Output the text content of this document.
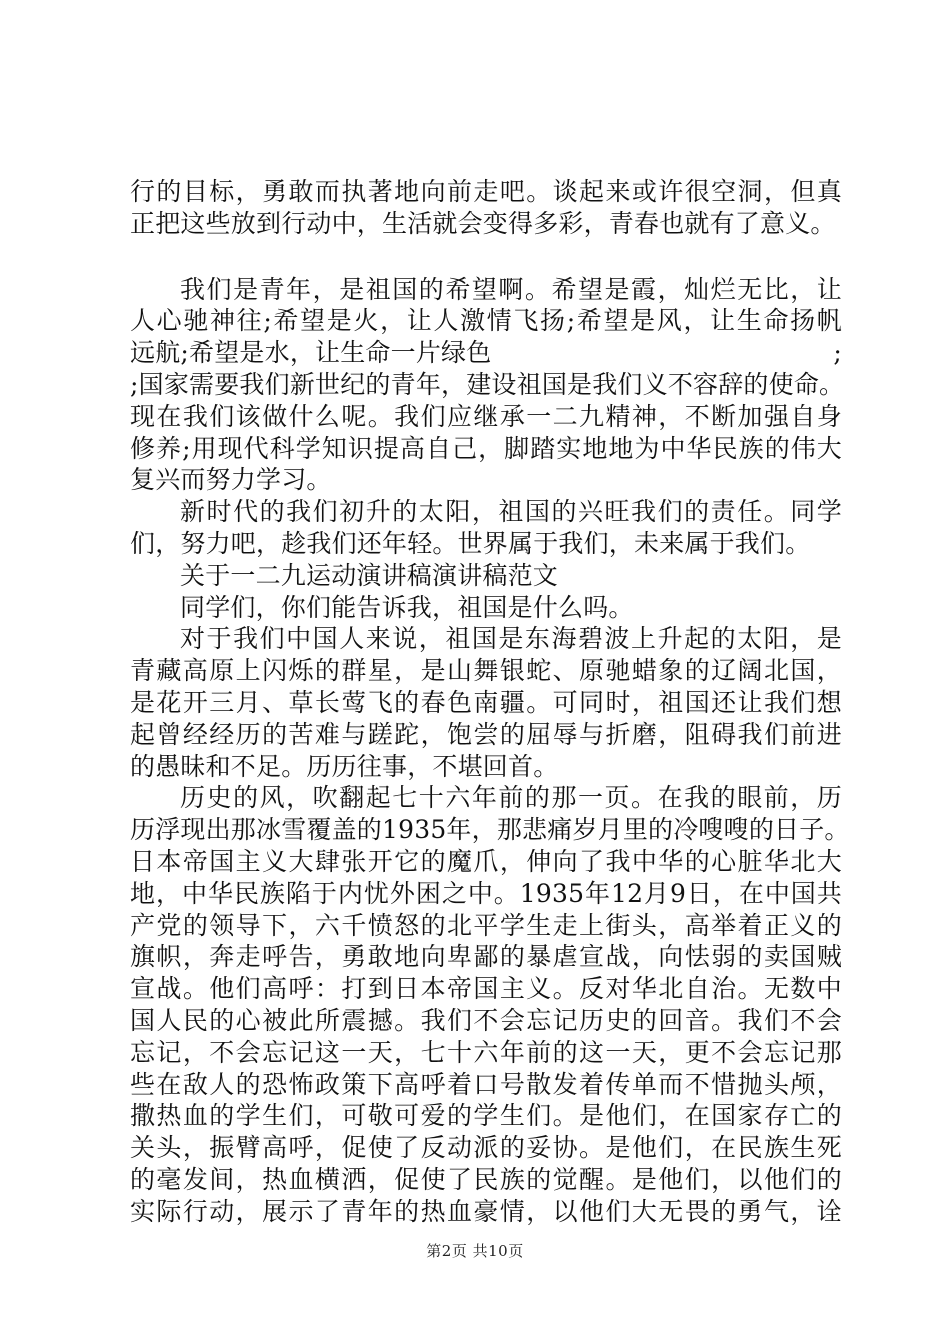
行的目标，勇敢而执著地向前走吧。谈起来或许很空洞，但真
正把这些放到行动中，生活就会变得多彩，青春也就有了意义。
我们是青年，是祖国的希望啊。希望是霞，灿烂无比，让
人心驰神往;希望是火，让人激情飞扬;希望是风，让生命扬帆
远航;希望是水，让生命一片绿色	;
;国家需要我们新世纪的青年，建设祖国是我们义不容辞的使命。
现在我们该做什么呢。我们应继承一二九精神，不断加强自身
修养;用现代科学知识提高自己，脚踏实地地为中华民族的伟大
复兴而努力学习。
新时代的我们初升的太阳，祖国的兴旺我们的责任。同学
们，努力吧，趁我们还年轻。世界属于我们，未来属于我们。
关于一二九运动演讲稿演讲稿范文
同学们，你们能告诉我，祖国是什么吗。
对于我们中国人来说，祖国是东海碧波上升起的太阳，是
青藏高原上闪烁的群星，是山舞银蛇、原驰蜡象的辽阔北国，
是花开三月、草长莺飞的春色南疆。可同时，祖国还让我们想
起曾经经历的苦难与蹉跎，饱尝的屈辱与折磨，阻碍我们前进
的愚昧和不足。历历往事，不堪回首。
历史的风，吹翻起七十六年前的那一页。在我的眼前，历
历浮现出那冰雪覆盖的1935年，那悲痛岁月里的冷嗖嗖的日子。
日本帝国主义大肆张开它的魔爪，伸向了我中华的心脏华北大
地，中华民族陷于内忧外困之中。1935年12月9日，在中国共
产党的领导下，六千愤怒的北平学生走上街头，高举着正义的
旗帜，奔走呼告，勇敢地向卑鄙的暴虐宣战，向怯弱的卖国贼
宣战。他们高呼：打到日本帝国主义。反对华北自治。无数中
国人民的心被此所震撼。我们不会忘记历史的回音。我们不会
忘记，不会忘记这一天，七十六年前的这一天，更不会忘记那
些在敌人的恐怖政策下高呼着口号散发着传单而不惜抛头颅，
撒热血的学生们，可敬可爱的学生们。是他们，在国家存亡的
关头，振臂高呼，促使了反动派的妥协。是他们，在民族生死
的毫发间，热血横洒，促使了民族的觉醒。是他们，以他们的
实际行动，展示了青年的热血豪情，以他们大无畏的勇气，诠
第2页 共10页
